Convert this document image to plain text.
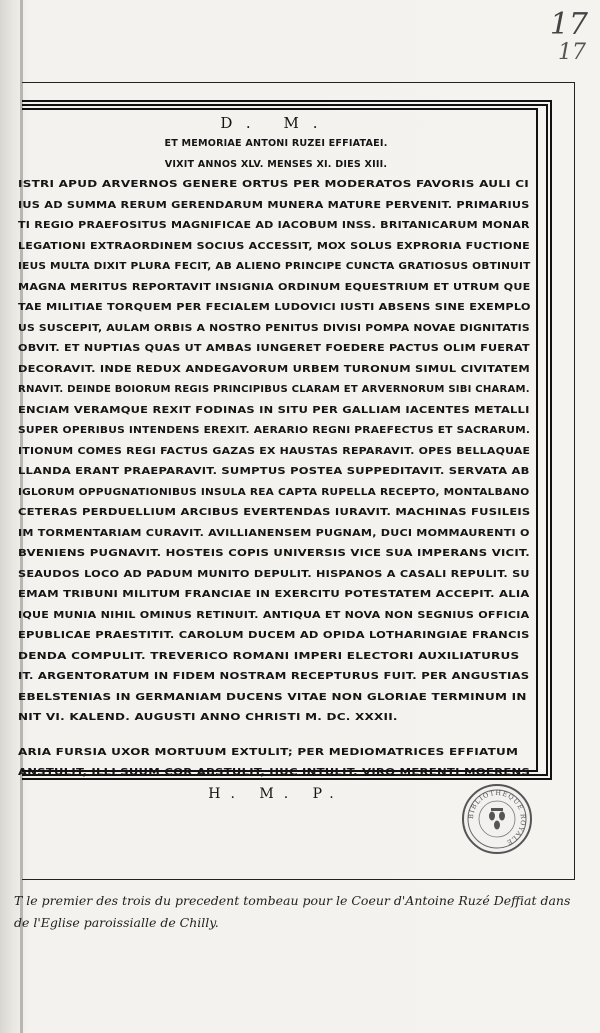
17
17
D. M.
ET MEMORIAE ANTONI RUZEI EFFIATAEI.
VIXIT ANNOS XLV. MENSES XI. DIES XIII.
ISTRI APUD ARVERNOS GENERE ORTUS PER MODERATOS FAVORIS AULI CI
IUS AD SUMMA RERUM GERENDARUM MUNERA MATURE PERVENIT. PRIMARIUS
TI REGIO PRAEFOSITUS MAGNIFICAE AD IACOBUM INSS. BRITANICARUM MONAR
LEGATIONI EXTRAORDINEM SOCIUS ACCESSIT, MOX SOLUS EXPRORIA FUCTIONE
IEUS MULTA DIXIT PLURA FECIT, AB ALIENO PRINCIPE CUNCTA GRATIOSUS OBTINUIT
MAGNA MERITUS REPORTAVIT INSIGNIA ORDINUM EQUESTRIUM ET UTRUM QUE
TAE MILITIAE TORQUEM PER FECIALEM LUDOVICI IUSTI ABSENS SINE EXEMPLO
US SUSCEPIT, AULAM ORBIS A NOSTRO PENITUS DIVISI POMPA NOVAE DIGNITATIS
OBVIT. ET NUPTIAS QUAS UT AMBAS IUNGERET FOEDERE PACTUS OLIM FUERAT
DECORAVIT. INDE REDUX ANDEGAVORUM URBEM TURONUM SIMUL CIVITATEM
RNAVIT. DEINDE BOIORUM REGIS PRINCIPIBUS CLARAM ET ARVERNORUM SIBI CHARAM.
ENCIAM VERAMQUE REXIT FODINAS IN SITU PER GALLIAM IACENTES METALLI
SUPER OPERIBUS INTENDENS EREXIT. AERARIO REGNI PRAEFECTUS ET SACRARUM.
ITIONUM COMES REGI FACTUS GAZAS EX HAUSTAS REPARAVIT. OPES BELLAQUAE
LLANDA ERANT PRAEPARAVIT. SUMPTUS POSTEA SUPPEDITAVIT. SERVATA AB
IGLORUM OPPUGNATIONIBUS INSULA REA CAPTA RUPELLA RECEPTO, MONTALBANO
CETERAS PERDUELLIUM ARCIBUS EVERTENDAS IURAVIT. MACHINAS FUSILEIS
IM TORMENTARIAM CURAVIT. AVILLIANENSEM PUGNAM, DUCI MOMMAURENTI O
BVENIENS PUGNAVIT. HOSTEIS COPIS UNIVERSIS VICE SUA IMPERANS VICIT.
SEAUDOS LOCO AD PADUM MUNITO DEPULIT. HISPANOS A CASALI REPULIT. SU
EMAM TRIBUNI MILITUM FRANCIAE IN EXERCITU POTESTATEM ACCEPIT. ALIA
IQUE MUNIA NIHIL OMINUS RETINUIT. ANTIQUA ET NOVA NON SEGNIUS OFFICIA
EPUBLICAE PRAESTITIT. CAROLUM DUCEM AD OPIDA LOTHARINGIAE FRANCIS
DENDA COMPULIT. TREVERICO ROMANI IMPERI ELECTORI AUXILIATURUS
IT. ARGENTORATUM IN FIDEM NOSTRAM RECEPTURUS FUIT. PER ANGUSTIAS
EBELSTENIAS IN GERMANIAM DUCENS VITAE NON GLORIAE TERMINUM IN
NIT VI. KALEND. AUGUSTI ANNO CHRISTI M. DC. XXXII.
ARIA FURSIA UXOR MORTUUM EXTULIT; PER MEDIOMATRICES EFFIATUM
ANSTULIT, ILLI SUUM COR ABSTULIT, HUC INTULIT. VIRO MERENTI MOERENS
H. M. P.
BIBLIOTHEQUE ROYALE
T le premier des trois du precedent tombeau pour le Coeur d'Antoine Ruzé Deffiat dans
de l'Eglise paroissialle de Chilly.
